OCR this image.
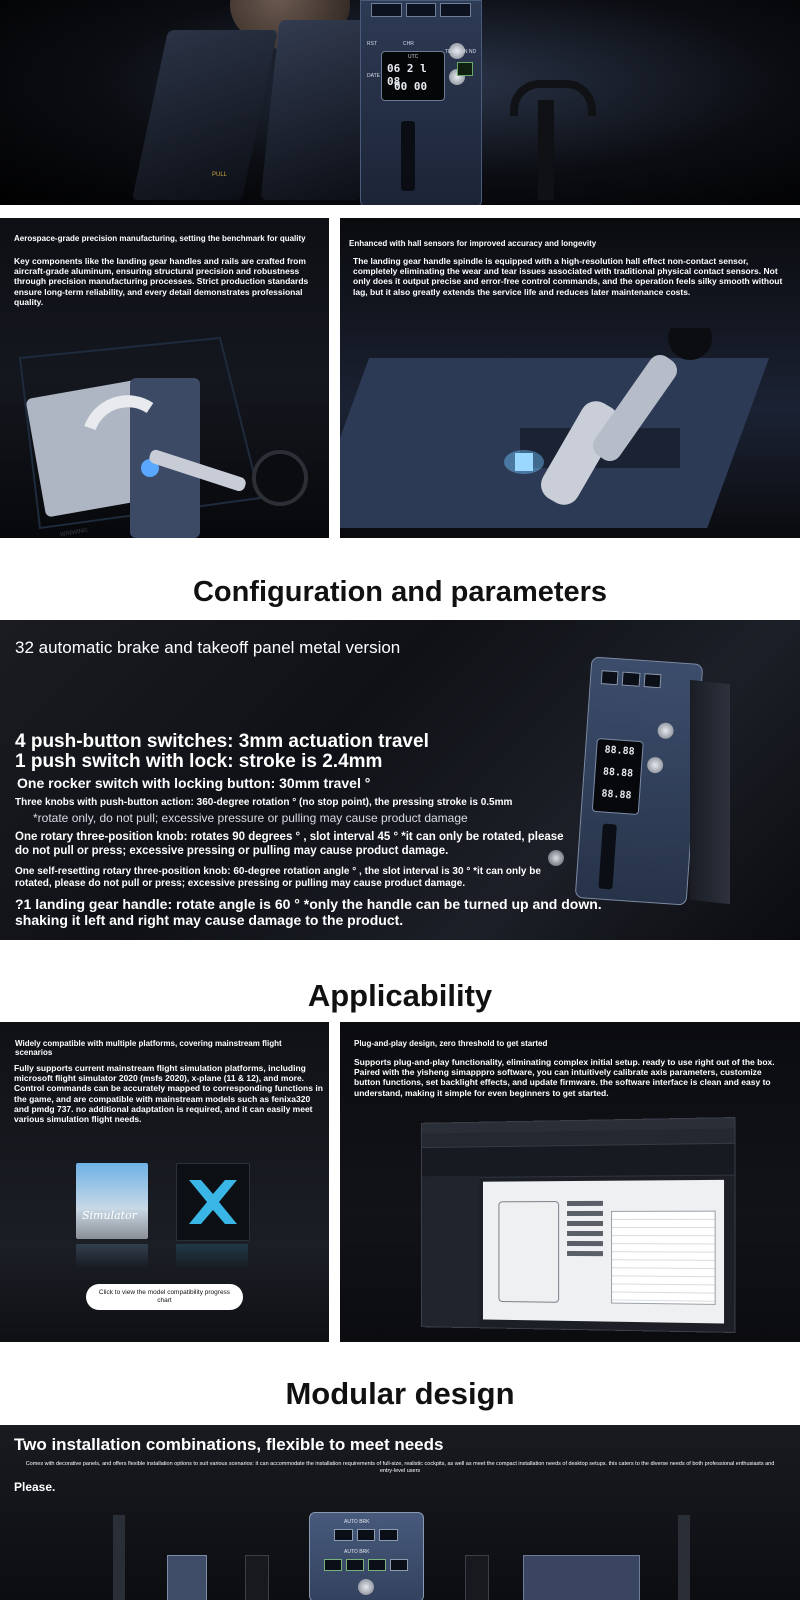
PULL
RST	CHR
DATE
UTC
06 2 l 08
00 00
TERR ON ND
Aerospace-grade precision manufacturing, setting the benchmark for quality
Key components like the landing gear handles and rails are crafted from aircraft-grade aluminum, ensuring structural precision and robustness through precision manufacturing processes. Strict production standards ensure long-term reliability, and every detail demonstrates professional quality.
WINWING
Enhanced with hall sensors for improved accuracy and longevity
The landing gear handle spindle is equipped with a high-resolution hall effect non-contact sensor, completely eliminating the wear and tear issues associated with traditional physical contact sensors. Not only does it output precise and error-free control commands, and the operation feels silky smooth without lag, but it also greatly extends the service life and reduces later maintenance costs.
Configuration and parameters
32 automatic brake and takeoff panel metal version
4 push-button switches: 3mm actuation travel
1 push switch with lock: stroke is 2.4mm
One rocker switch with locking button: 30mm travel °
Three knobs with push-button action: 360-degree rotation ° (no stop point), the pressing stroke is 0.5mm
*rotate only, do not pull; excessive pressure or pulling may cause product damage
One rotary three-position knob: rotates 90 degrees ° , slot interval 45 ° *it can only be rotated, please do not pull or press; excessive pressing or pulling may cause product damage.
One self-resetting rotary three-position knob: 60-degree rotation angle ° , the slot interval is 30 ° *it can only be rotated, please do not pull or press; excessive pressing or pulling may cause product damage.
?1 landing gear handle: rotate angle is 60 ° *only the handle can be turned up and down. shaking it left and right may cause damage to the product.
88.88
88.88
88.88
Applicability
Widely compatible with multiple platforms, covering mainstream flight scenarios
Fully supports current mainstream flight simulation platforms, including microsoft flight simulator 2020 (msfs 2020), x-plane (11 & 12), and more. Control commands can be accurately mapped to corresponding functions in the game, and are compatible with mainstream models such as fenixa320 and pmdg 737. no additional adaptation is required, and it can easily meet various simulation flight needs.
Simulator
Click to view the model compatibility progress chart
Plug-and-play design, zero threshold to get started
Supports plug-and-play functionality, eliminating complex initial setup. ready to use right out of the box. Paired with the yisheng simapppro software, you can intuitively calibrate axis parameters, customize button functions, set backlight effects, and update firmware. the software interface is clean and easy to understand, making it simple for even beginners to get started.
Modular design
Two installation combinations, flexible to meet needs
Comes with decorative panels, and offers flexible installation options to suit various scenarios: it can accommodate the installation requirements of full-size, realistic cockpits, as well as meet the compact installation needs of desktop setups. this caters to the diverse needs of both professional enthusiasts and entry-level users
Please.
AUTO BRK
AUTO BRK
